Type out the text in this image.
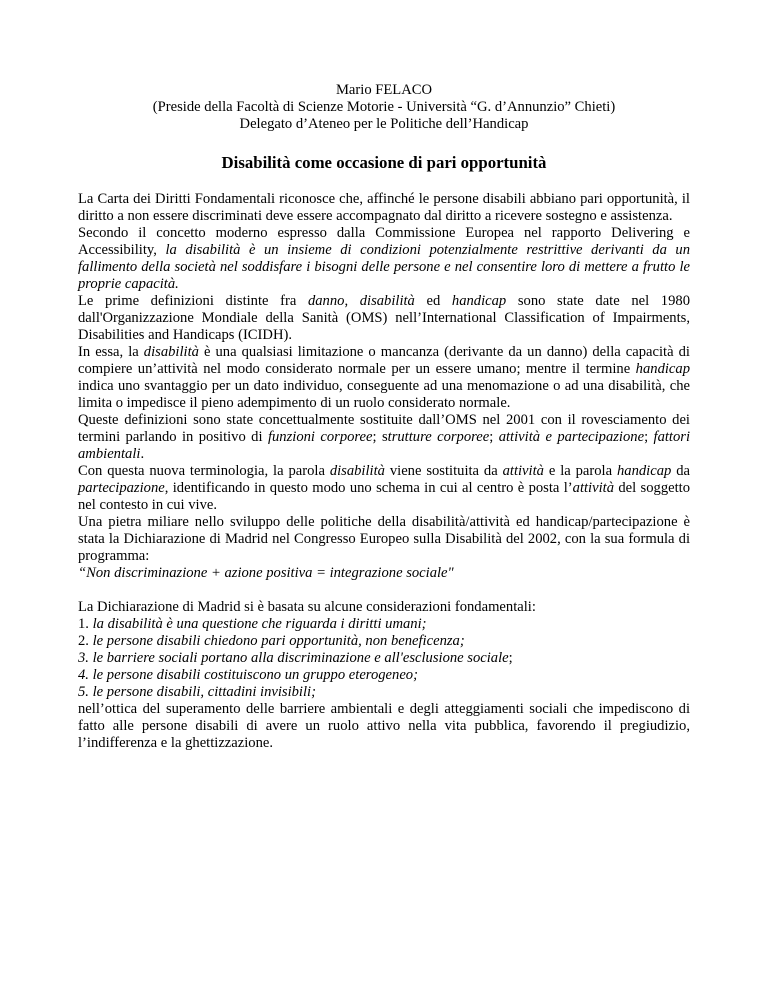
Mario FELACO
(Preside della Facoltà di Scienze Motorie - Università “G. d’Annunzio” Chieti)
Delegato d’Ateneo per le Politiche dell’Handicap
Disabilità come occasione di pari opportunità

La Carta dei Diritti Fondamentali riconosce che, affinché le persone disabili abbiano pari opportunità, il diritto a non essere discriminati deve essere accompagnato dal diritto a ricevere sostegno e assistenza.

Secondo il concetto moderno espresso dalla Commissione Europea nel rapporto Delivering e Accessibility, la disabilità è un insieme di condizioni potenzialmente restrittive derivanti da un fallimento della società nel soddisfare i bisogni delle persone e nel consentire loro di mettere a frutto le proprie capacità.

Le prime definizioni distinte fra danno, disabilità ed handicap sono state date nel 1980 dall'Organizzazione Mondiale della Sanità (OMS) nell’International Classification of Impairments, Disabilities and Handicaps (ICIDH).

In essa, la disabilità è una qualsiasi limitazione o mancanza (derivante da un danno) della capacità di compiere un’attività nel modo considerato normale per un essere umano; mentre il termine handicap indica uno svantaggio per un dato individuo, conseguente ad una menomazione o ad una disabilità, che limita o impedisce il pieno adempimento di un ruolo considerato normale.

Queste definizioni sono state concettualmente sostituite dall’OMS nel 2001 con il rovesciamento dei termini parlando in positivo di funzioni corporee; strutture corporee; attività e partecipazione; fattori ambientali.

Con questa nuova terminologia, la parola disabilità viene sostituita da attività e la parola handicap da partecipazione, identificando in questo modo uno schema in cui al centro è posta l’attività del soggetto nel contesto in cui vive.

Una pietra miliare nello sviluppo delle politiche della disabilità/attività ed handicap/partecipazione è stata la Dichiarazione di Madrid nel Congresso Europeo sulla Disabilità del 2002, con la sua formula di programma:

“Non discriminazione + azione positiva = integrazione sociale"

La Dichiarazione di Madrid si è basata su alcune considerazioni fondamentali:

1. la disabilità è una questione che riguarda i diritti umani;
2. le persone disabili chiedono pari opportunità, non beneficenza;
3. le barriere sociali portano alla discriminazione e all'esclusione sociale;
4. le persone disabili costituiscono un gruppo eterogeneo;
5. le persone disabili, cittadini invisibili;

nell’ottica del superamento delle barriere ambientali e degli atteggiamenti sociali che impediscono di fatto alle persone disabili di avere un ruolo attivo nella vita pubblica, favorendo il pregiudizio, l’indifferenza e la ghettizzazione.
